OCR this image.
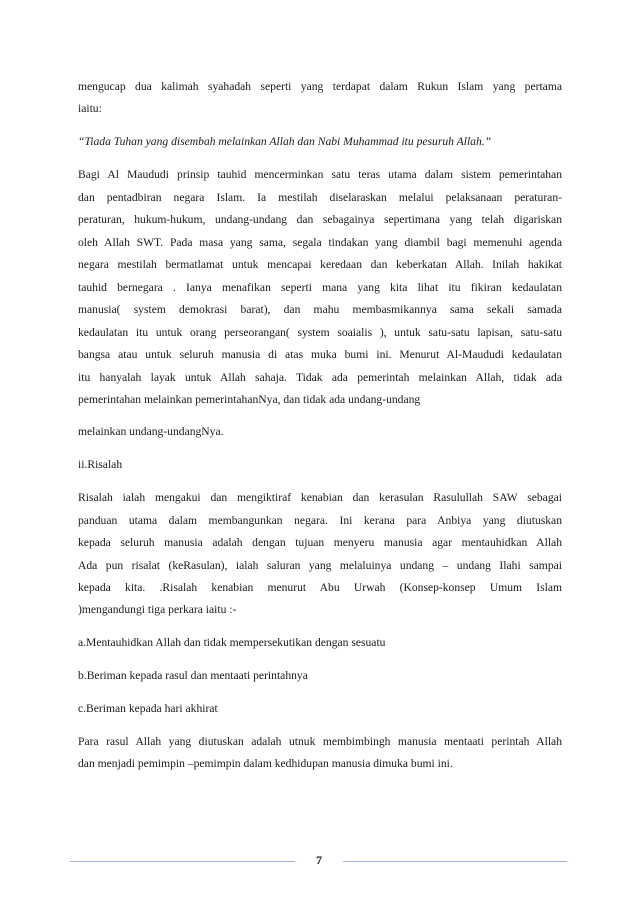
mengucap dua kalimah syahadah seperti yang terdapat dalam Rukun Islam yang pertama
iaitu:
“Tiada Tuhan yang disembah melainkan Allah dan Nabi Muhammad itu pesuruh Allah.”
Bagi Al Maududi prinsip tauhid mencerminkan satu teras utama dalam sistem pemerintahan
dan pentadbiran negara Islam. Ia mestilah diselaraskan melalui pelaksanaan peraturan-
peraturan, hukum-hukum, undang-undang dan sebagainya sepertimana yang telah digariskan
oleh Allah SWT. Pada masa yang sama, segala tindakan yang diambil bagi memenuhi agenda
negara mestilah bermatlamat untuk mencapai keredaan dan keberkatan Allah. Inilah hakikat
tauhid bernegara . Ianya menafikan seperti mana yang kita lihat itu fikiran kedaulatan
manusia( system demokrasi barat), dan mahu membasmikannya sama sekali samada
kedaulatan itu untuk orang perseorangan( system soaialis ), untuk satu-satu lapisan, satu-satu
bangsa atau untuk seluruh manusia di atas muka bumi ini. Menurut Al-Maududi kedaulatan
itu hanyalah layak untuk Allah sahaja. Tidak ada pemerintah melainkan Allah, tidak ada
pemerintahan melainkan pemerintahanNya, dan tidak ada undang-undang
melainkan undang-undangNya.
ii.Risalah
Risalah ialah mengakui dan mengiktiraf kenabian dan kerasulan Rasulullah SAW sebagai
panduan utama dalam membangunkan negara. Ini kerana para Anbiya yang diutuskan
kepada seluruh manusia adalah dengan tujuan menyeru manusia agar mentauhidkan Allah
Ada pun risalat (keRasulan), ialah saluran yang melaluinya undang – undang Ilahi sampai
kepada kita. .Risalah kenabian menurut Abu Urwah (Konsep-konsep Umum Islam
)mengandungi tiga perkara iaitu :-
a.Mentauhidkan Allah dan tidak mempersekutikan dengan sesuatu
b.Beriman kepada rasul dan mentaati perintahnya
c.Beriman kepada hari akhirat
Para rasul Allah yang diutuskan adalah utnuk membimbingh manusia mentaati perintah Allah
dan menjadi pemimpin –pemimpin dalam kedhidupan manusia dimuka bumi ini.
7
